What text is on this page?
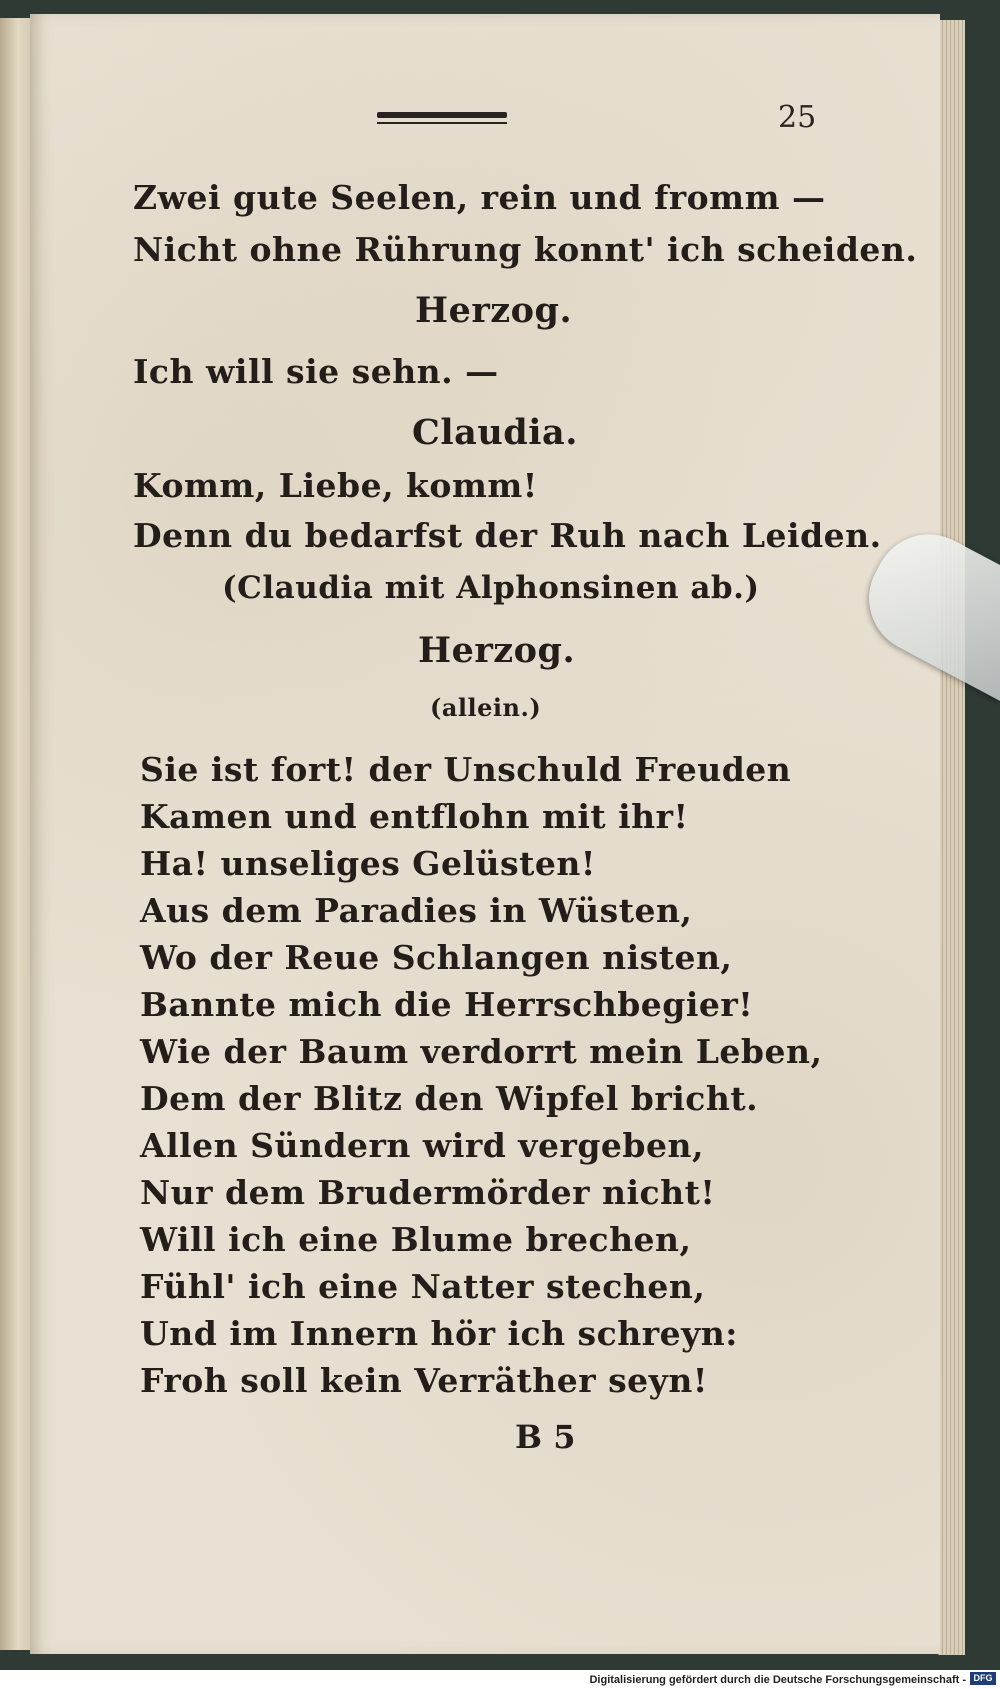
25
Zwei gute Seelen, rein und fromm —
Nicht ohne Rührung konnt' ich scheiden.
Herzog.
Ich will sie sehn. —
Claudia.
Komm, Liebe, komm!
Denn du bedarfst der Ruh nach Leiden.
(Claudia mit Alphonsinen ab.)
Herzog.
(allein.)
Sie ist fort! der Unschuld Freuden
Kamen und entflohn mit ihr!
Ha! unseliges Gelüsten!
Aus dem Paradies in Wüsten,
Wo der Reue Schlangen nisten,
Bannte mich die Herrschbegier!
Wie der Baum verdorrt mein Leben,
Dem der Blitz den Wipfel bricht.
Allen Sündern wird vergeben,
Nur dem Brudermörder nicht!
Will ich eine Blume brechen,
Fühl' ich eine Natter stechen,
Und im Innern hör ich schreyn:
Froh soll kein Verräther seyn!
B 5
Digitalisierung gefördert durch die Deutsche Forschungsgemeinschaft - DFG
